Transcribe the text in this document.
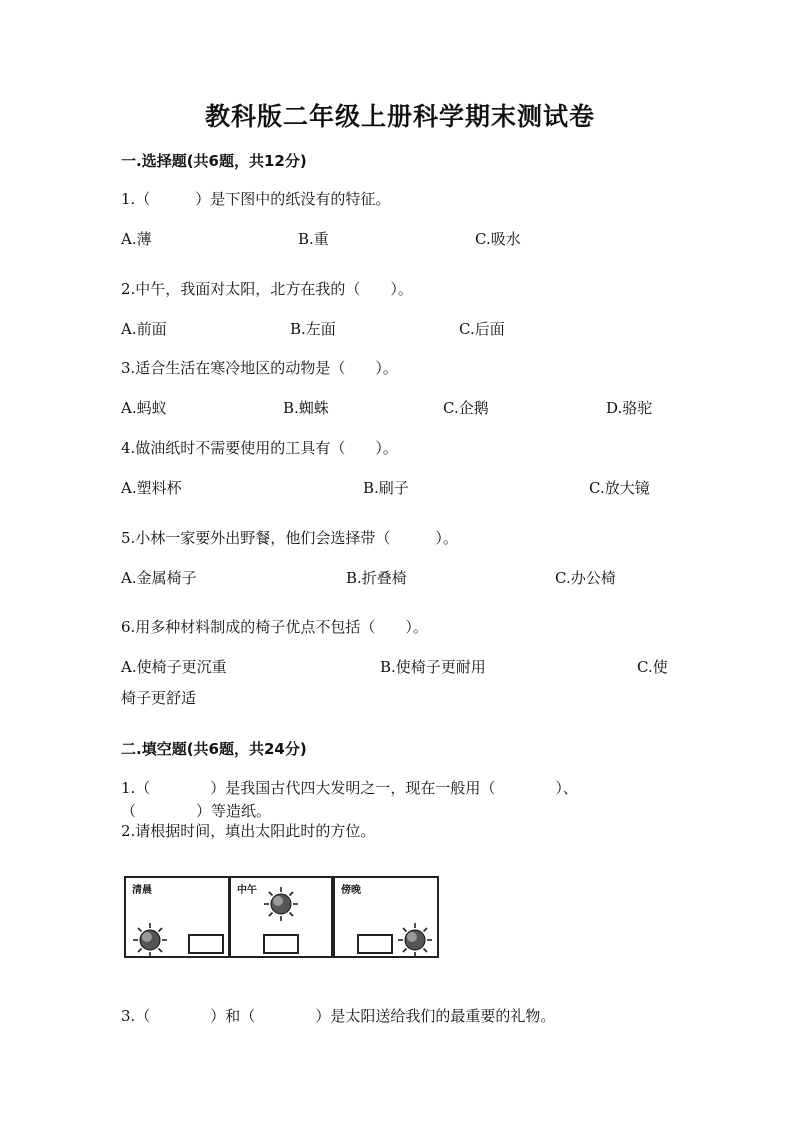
教科版二年级上册科学期末测试卷
一.选择题(共6题，共12分)
1.（　　　）是下图中的纸没有的特征。
A.薄	B.重	C.吸水
2.中午，我面对太阳，北方在我的（　　）。
A.前面	B.左面	C.后面
3.适合生活在寒冷地区的动物是（　　）。
A.蚂蚁	B.蜘蛛	C.企鹅	D.骆驼
4.做油纸时不需要使用的工具有（　　）。
A.塑料杯	B.刷子	C.放大镜
5.小林一家要外出野餐，他们会选择带（　　　）。
A.金属椅子	B.折叠椅	C.办公椅
6.用多种材料制成的椅子优点不包括（　　）。
A.使椅子更沉重	B.使椅子更耐用	C.使
椅子更舒适
二.填空题(共6题，共24分)
1.（　　　　）是我国古代四大发明之一，现在一般用（　　　　）、
（　　　　）等造纸。
2.请根据时间，填出太阳此时的方位。
清晨	中午	傍晚
3.（　　　　）和（　　　　）是太阳送给我们的最重要的礼物。
